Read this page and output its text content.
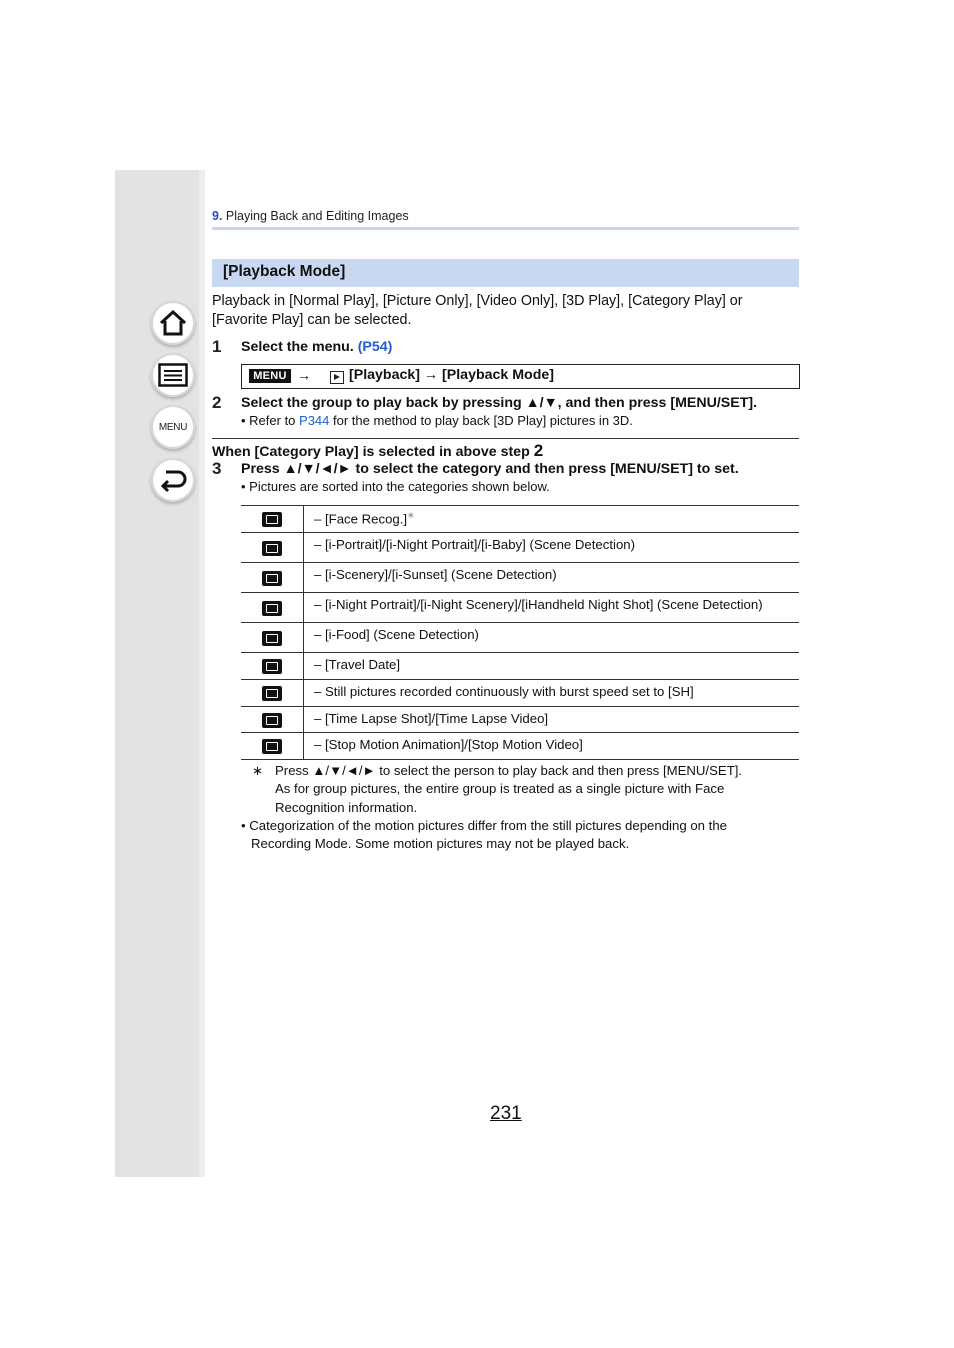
MENU
9. Playing Back and Editing Images
[Playback Mode]
Playback in [Normal Play], [Picture Only], [Video Only], [3D Play], [Category Play] or [Favorite Play] can be selected.
1 Select the menu. (P54)
MENU →	[Playback] → [Playback Mode]
2 Select the group to play back by pressing ▲/▼, and then press [MENU/SET].
• Refer to P344 for the method to play back [3D Play] pictures in 3D.
When [Category Play] is selected in above step 2
3 Press ▲/▼/◄/► to select the category and then press [MENU/SET] to set.
• Pictures are sorted into the categories shown below.
	– [Face Recog.]∗

	– [i-Portrait]/[i-Night Portrait]/[i-Baby] (Scene Detection)

	– [i-Scenery]/[i-Sunset] (Scene Detection)

	– [i-Night Portrait]/[i-Night Scenery]/[iHandheld Night Shot] (Scene Detection)

	– [i-Food] (Scene Detection)

	– [Travel Date]

	– Still pictures recorded continuously with burst speed set to [SH]

	– [Time Lapse Shot]/[Time Lapse Video]

	– [Stop Motion Animation]/[Stop Motion Video]
∗ Press ▲/▼/◄/► to select the person to play back and then press [MENU/SET].
As for group pictures, the entire group is treated as a single picture with Face
Recognition information.
• Categorization of the motion pictures differ from the still pictures depending on the
Recording Mode. Some motion pictures may not be played back.
231
